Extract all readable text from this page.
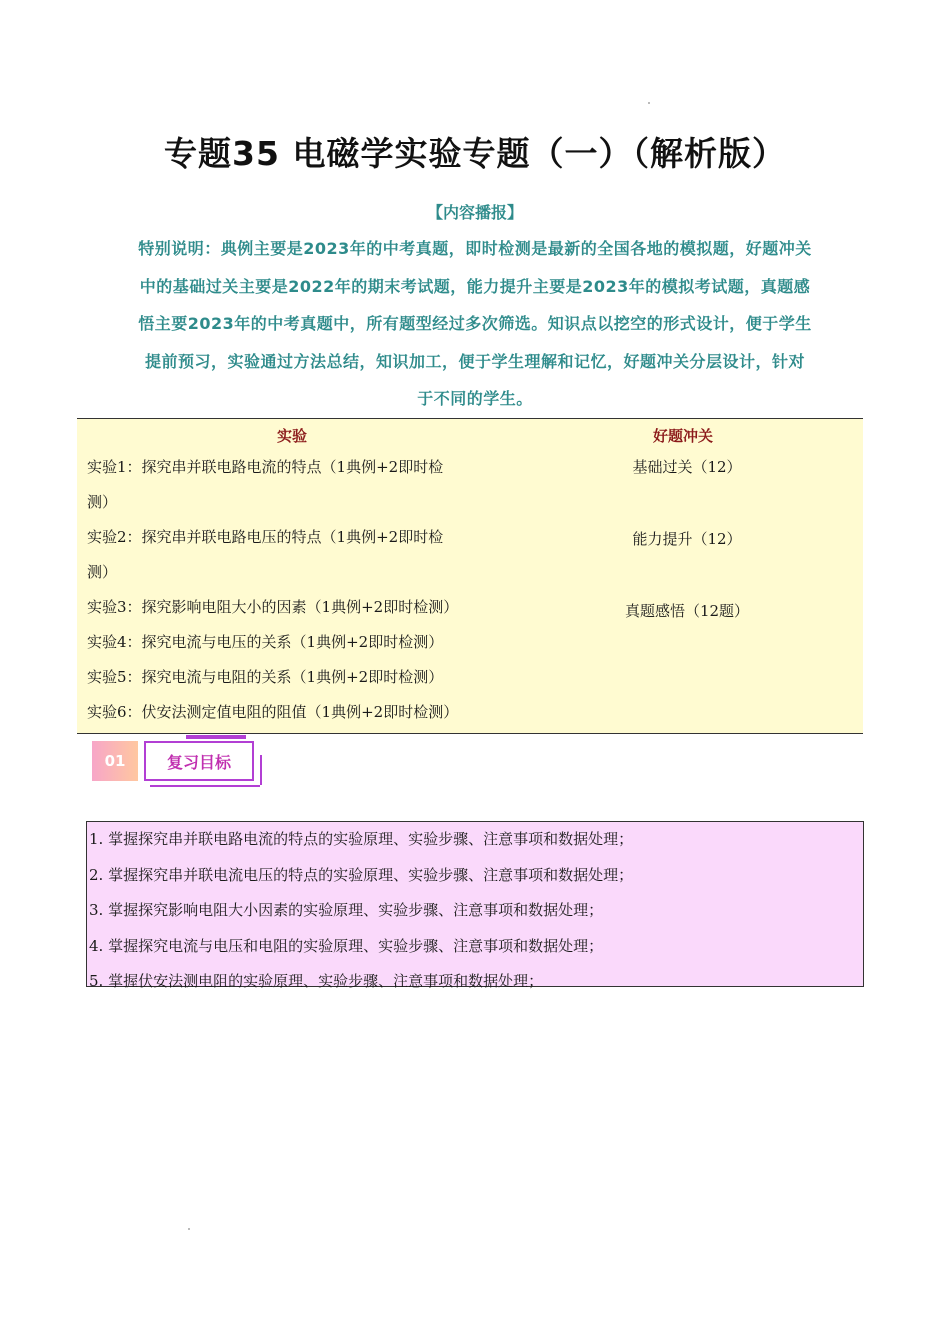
专题35 电磁学实验专题（一）（解析版）
【内容播报】
特别说明：典例主要是2023年的中考真题，即时检测是最新的全国各地的模拟题，好题冲关
中的基础过关主要是2022年的期末考试题，能力提升主要是2023年的模拟考试题，真题感
悟主要2023年的中考真题中，所有题型经过多次筛选。知识点以挖空的形式设计，便于学生
提前预习，实验通过方法总结，知识加工，便于学生理解和记忆，好题冲关分层设计，针对
于不同的学生。
实验	好题冲关
实验1：探究串并联电路电流的特点（1典例+2即时检
测）
实验2：探究串并联电路电压的特点（1典例+2即时检
测）
实验3：探究影响电阻大小的因素（1典例+2即时检测）
实验4：探究电流与电压的关系（1典例+2即时检测）
实验5：探究电流与电阻的关系（1典例+2即时检测）
实验6：伏安法测定值电阻的阻值（1典例+2即时检测）
基础过关（12）
能力提升（12）
真题感悟（12题）
01	复习目标
1. 掌握探究串并联电路电流的特点的实验原理、实验步骤、注意事项和数据处理；
2. 掌握探究串并联电流电压的特点的实验原理、实验步骤、注意事项和数据处理；
3. 掌握探究影响电阻大小因素的实验原理、实验步骤、注意事项和数据处理；
4. 掌握探究电流与电压和电阻的实验原理、实验步骤、注意事项和数据处理；
5. 掌握伏安法测电阻的实验原理、实验步骤、注意事项和数据处理；
